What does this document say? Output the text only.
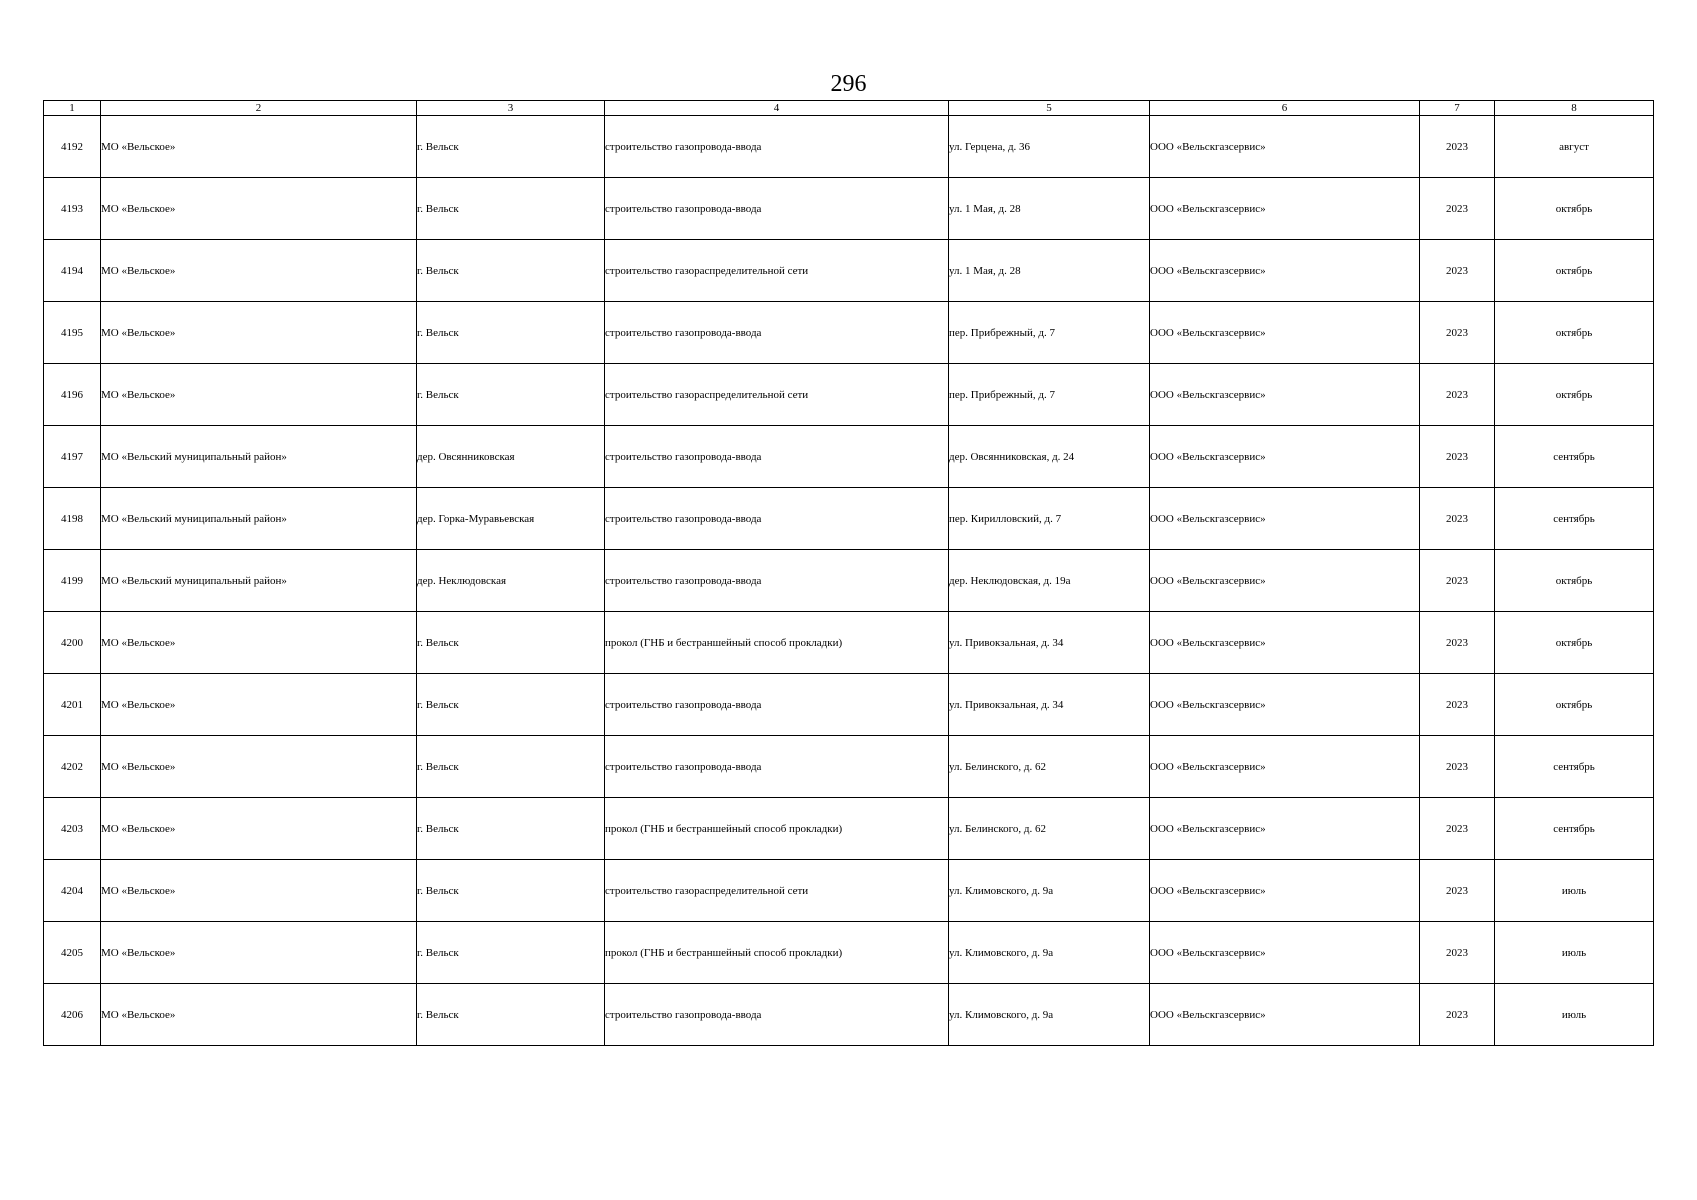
296
1	2	3	4	5	6	7	8
4192	МО «Вельское»	г. Вельск	строительство газопровода-ввода	ул. Герцена, д. 36	ООО «Вельскгазсервис»	2023	август
4193	МО «Вельское»	г. Вельск	строительство газопровода-ввода	ул. 1 Мая, д. 28	ООО «Вельскгазсервис»	2023	октябрь
4194	МО «Вельское»	г. Вельск	строительство газораспределительной сети	ул. 1 Мая, д. 28	ООО «Вельскгазсервис»	2023	октябрь
4195	МО «Вельское»	г. Вельск	строительство газопровода-ввода	пер. Прибрежный, д. 7	ООО «Вельскгазсервис»	2023	октябрь
4196	МО «Вельское»	г. Вельск	строительство газораспределительной сети	пер. Прибрежный, д. 7	ООО «Вельскгазсервис»	2023	октябрь
4197	МО «Вельский муниципальный район»	дер. Овсянниковская	строительство газопровода-ввода	дер. Овсянниковская, д. 24	ООО «Вельскгазсервис»	2023	сентябрь
4198	МО «Вельский муниципальный район»	дер. Горка-Муравьевская	строительство газопровода-ввода	пер. Кирилловский, д. 7	ООО «Вельскгазсервис»	2023	сентябрь
4199	МО «Вельский муниципальный район»	дер. Неклюдовская	строительство газопровода-ввода	дер. Неклюдовская, д. 19а	ООО «Вельскгазсервис»	2023	октябрь
4200	МО «Вельское»	г. Вельск	прокол (ГНБ и бестраншейный способ прокладки)	ул. Привокзальная, д. 34	ООО «Вельскгазсервис»	2023	октябрь
4201	МО «Вельское»	г. Вельск	строительство газопровода-ввода	ул. Привокзальная, д. 34	ООО «Вельскгазсервис»	2023	октябрь
4202	МО «Вельское»	г. Вельск	строительство газопровода-ввода	ул. Белинского, д. 62	ООО «Вельскгазсервис»	2023	сентябрь
4203	МО «Вельское»	г. Вельск	прокол (ГНБ и бестраншейный способ прокладки)	ул. Белинского, д. 62	ООО «Вельскгазсервис»	2023	сентябрь
4204	МО «Вельское»	г. Вельск	строительство газораспределительной сети	ул. Климовского, д. 9а	ООО «Вельскгазсервис»	2023	июль
4205	МО «Вельское»	г. Вельск	прокол (ГНБ и бестраншейный способ прокладки)	ул. Климовского, д. 9а	ООО «Вельскгазсервис»	2023	июль
4206	МО «Вельское»	г. Вельск	строительство газопровода-ввода	ул. Климовского, д. 9а	ООО «Вельскгазсервис»	2023	июль
